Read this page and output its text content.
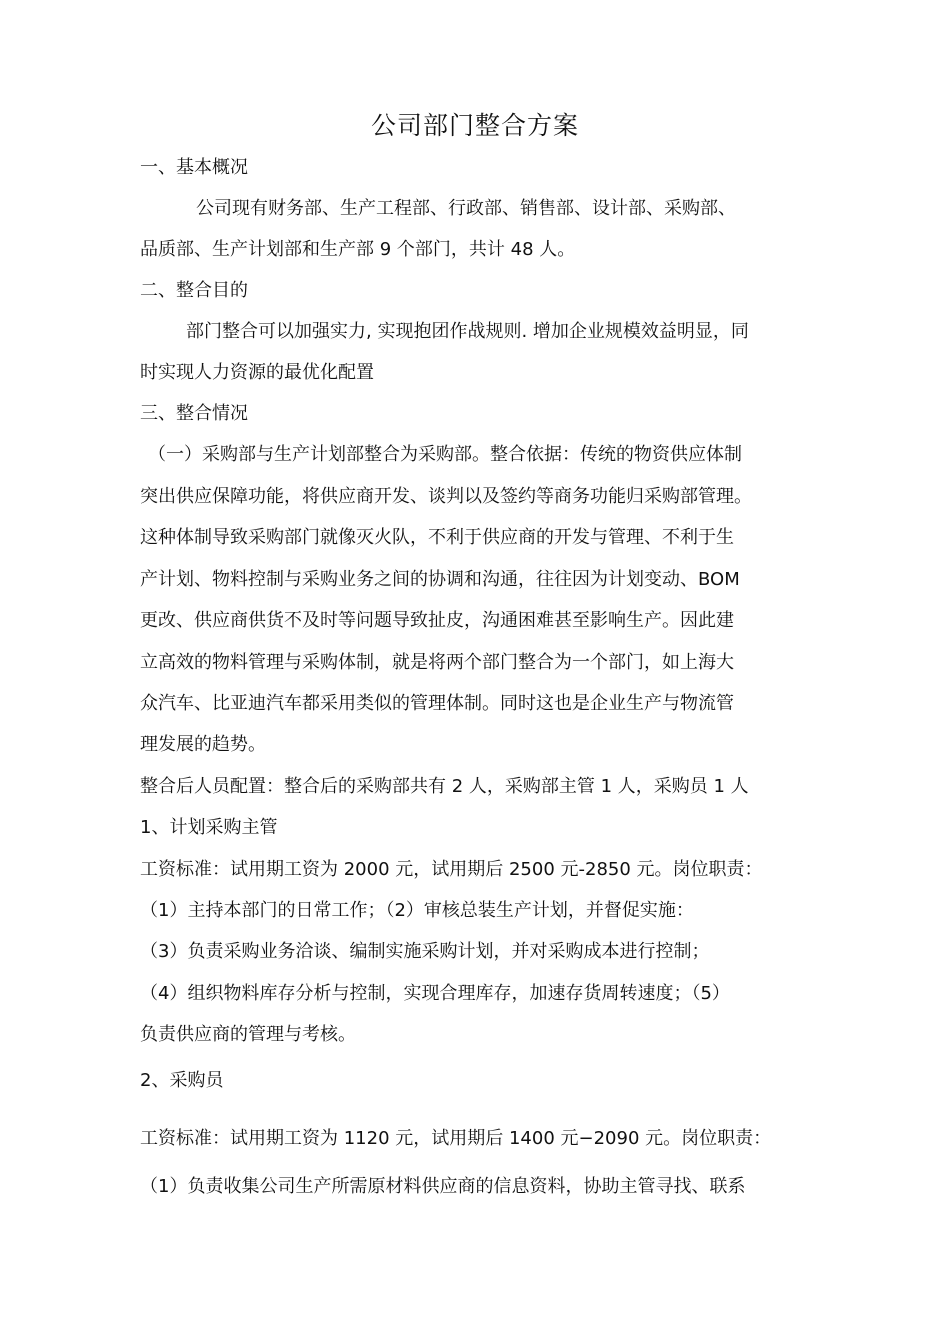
公司部门整合方案
一、基本概况
公司现有财务部、生产工程部、行政部、销售部、设计部、采购部、
品质部、生产计划部和生产部 9 个部门，共计 48 人。
二、整合目的
部门整合可以加强实力, 实现抱团作战规则. 增加企业规模效益明显，同
时实现人力资源的最优化配置
三、整合情况
（一）采购部与生产计划部整合为采购部。整合依据：传统的物资供应体制
突出供应保障功能，将供应商开发、谈判以及签约等商务功能归采购部管理。
这种体制导致采购部门就像灭火队，不利于供应商的开发与管理、不利于生
产计划、物料控制与采购业务之间的协调和沟通，往往因为计划变动、BOM
更改、供应商供货不及时等问题导致扯皮，沟通困难甚至影响生产。因此建
立高效的物料管理与采购体制，就是将两个部门整合为一个部门，如上海大
众汽车、比亚迪汽车都采用类似的管理体制。同时这也是企业生产与物流管
理发展的趋势。
整合后人员配置：整合后的采购部共有 2 人，采购部主管 1 人，采购员 1 人
1、计划采购主管
工资标准：试用期工资为 2000 元，试用期后 2500 元-2850 元。岗位职责：
（1）主持本部门的日常工作；（2）审核总装生产计划，并督促实施：
（3）负责采购业务洽谈、编制实施采购计划，并对采购成本进行控制；
（4）组织物料库存分析与控制，实现合理库存，加速存货周转速度；（5）
负责供应商的管理与考核。
2、采购员
工资标准：试用期工资为 1120 元，试用期后 1400 元−2090 元。岗位职责：
（1）负责收集公司生产所需原材料供应商的信息资料，协助主管寻找、联系
